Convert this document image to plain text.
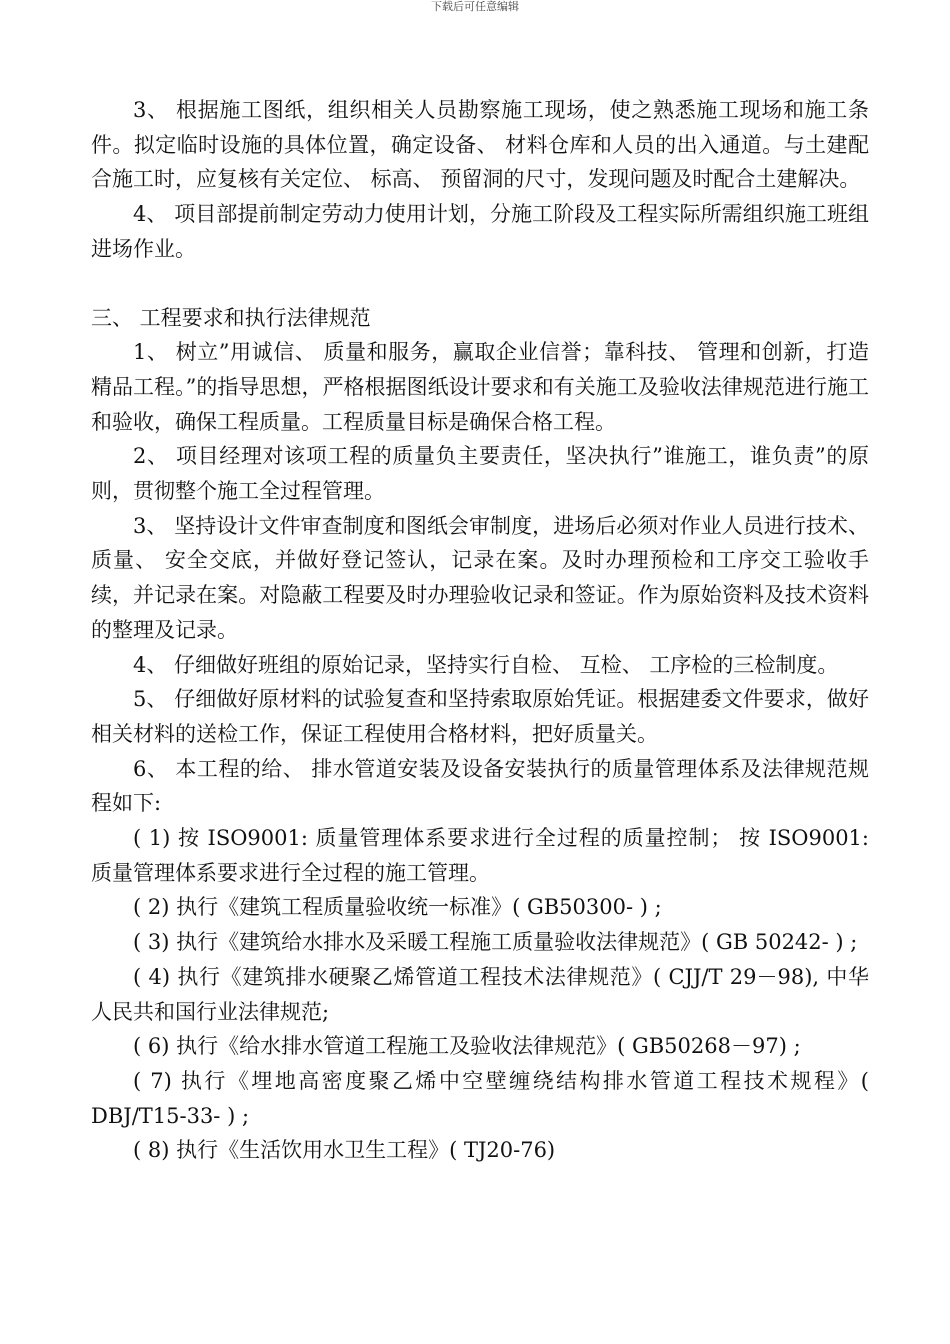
下载后可任意编辑

3、 根据施工图纸，组织相关人员勘察施工现场，使之熟悉施工现场和施工条件。拟定临时设施的具体位置，确定设备、 材料仓库和人员的出入通道。与土建配合施工时，应复核有关定位、 标高、 预留洞的尺寸，发现问题及时配合土建解决。

4、 项目部提前制定劳动力使用计划，分施工阶段及工程实际所需组织施工班组进场作业。

三、 工程要求和执行法律规范

1、 树立”用诚信、 质量和服务，赢取企业信誉；靠科技、 管理和创新，打造精品工程。”的指导思想，严格根据图纸设计要求和有关施工及验收法律规范进行施工和验收，确保工程质量。工程质量目标是确保合格工程。

2、 项目经理对该项工程的质量负主要责任，坚决执行”谁施工，谁负责”的原则，贯彻整个施工全过程管理。

3、 坚持设计文件审查制度和图纸会审制度，进场后必须对作业人员进行技术、 质量、 安全交底，并做好登记签认，记录在案。及时办理预检和工序交工验收手续，并记录在案。对隐蔽工程要及时办理验收记录和签证。作为原始资料及技术资料的整理及记录。

4、 仔细做好班组的原始记录，坚持实行自检、 互检、 工序检的三检制度。

5、 仔细做好原材料的试验复查和坚持索取原始凭证。根据建委文件要求，做好相关材料的送检工作，保证工程使用合格材料，把好质量关。

6、 本工程的给、 排水管道安装及设备安装执行的质量管理体系及法律规范规程如下:

( 1) 按 ISO9001: 质量管理体系要求进行全过程的质量控制； 按 ISO9001: 质量管理体系要求进行全过程的施工管理。

( 2) 执行《建筑工程质量验收统一标准》( GB50300- ) ;

( 3) 执行《建筑给水排水及采暖工程施工质量验收法律规范》( GB 50242- ) ;

( 4) 执行《建筑排水硬聚乙烯管道工程技术法律规范》( CJJ/T 29－98), 中华人民共和国行业法律规范;

( 6) 执行《给水排水管道工程施工及验收法律规范》( GB50268－97) ;

( 7) 执行《埋地高密度聚乙烯中空壁缠绕结构排水管道工程技术规程》( DBJ/T15-33- ) ;

( 8) 执行《生活饮用水卫生工程》( TJ20-76)
